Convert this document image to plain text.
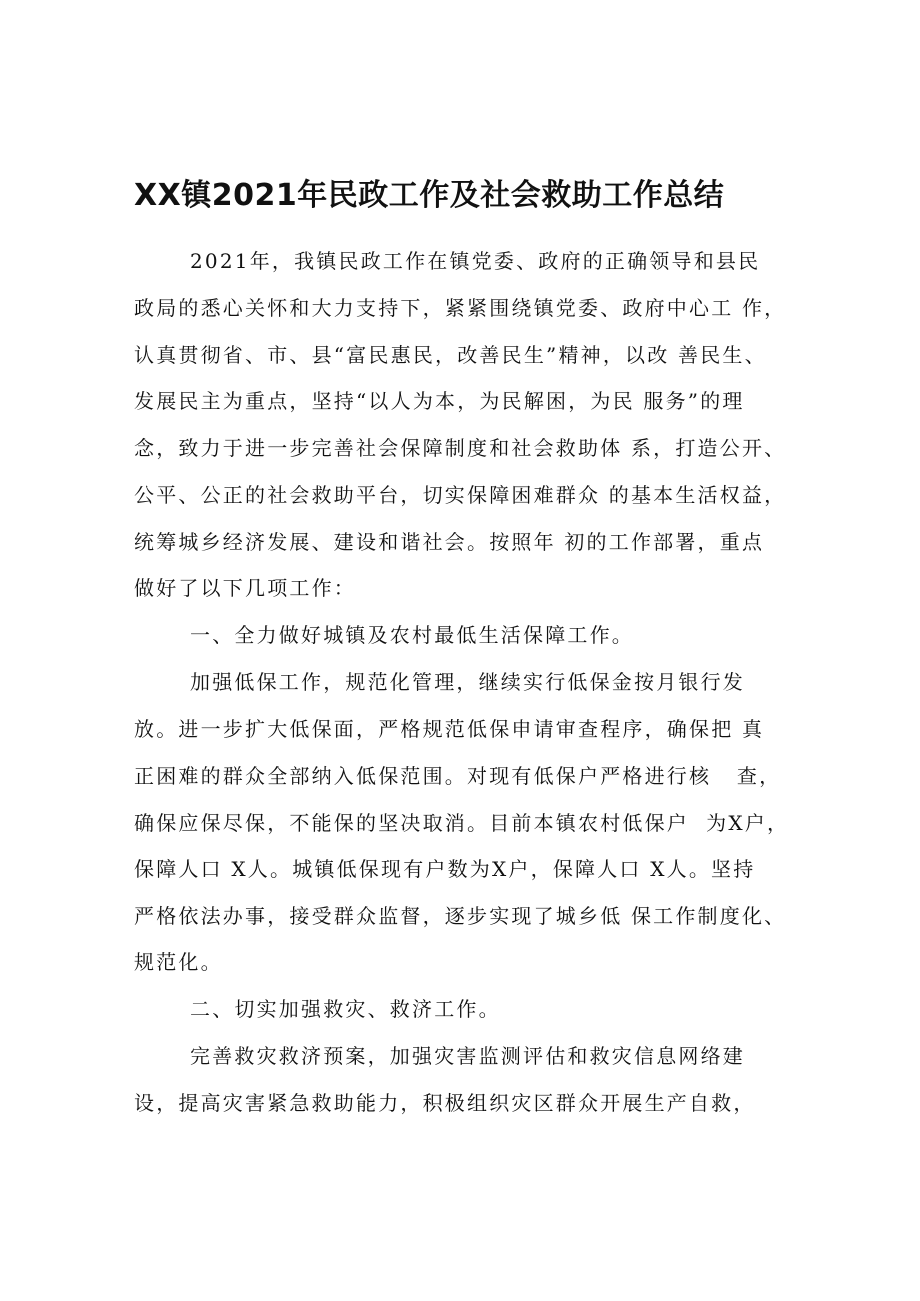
XX镇2021年民政工作及社会救助工作总结

2021年，我镇民政工作在镇党委、政府的正确领导和县民

政局的悉心关怀和大力支持下，紧紧围绕镇党委、政府中心工 作，

认真贯彻省、市、县“富民惠民，改善民生”精神，以改 善民生、

发展民主为重点，坚持“以人为本，为民解困，为民 服务”的理

念，致力于进一步完善社会保障制度和社会救助体 系，打造公开、

公平、公正的社会救助平台，切实保障困难群众 的基本生活权益，

统筹城乡经济发展、建设和谐社会。按照年 初的工作部署，重点

做好了以下几项工作：

一、全力做好城镇及农村最低生活保障工作。

加强低保工作，规范化管理，继续实行低保金按月银行发

放。进一步扩大低保面，严格规范低保申请审查程序，确保把 真

正困难的群众全部纳入低保范围。对现有低保户严格进行核   查，

确保应保尽保，不能保的坚决取消。目前本镇农村低保户  为X户，

保障人口 X人。城镇低保现有户数为X户，保障人口 X人。坚持

严格依法办事，接受群众监督，逐步实现了城乡低 保工作制度化、

规范化。

二、切实加强救灾、救济工作。

完善救灾救济预案，加强灾害监测评估和救灾信息网络建

设，提高灾害紧急救助能力，积极组织灾区群众开展生产自救，
